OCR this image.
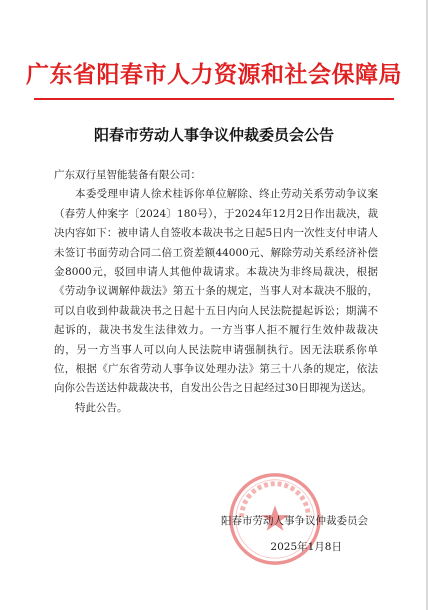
广东省阳春市人力资源和社会保障局
阳春市劳动人事争议仲裁委员会公告

广东双行星智能装备有限公司：

本委受理申请人徐术桂诉你单位解除、终止劳动关系劳动争议案（春劳人仲案字〔2024〕180号），于2024年12月2日作出裁决，裁决内容如下：被申请人自签收本裁决书之日起5日内一次性支付申请人未签订书面劳动合同二倍工资差额44000元、解除劳动关系经济补偿金8000元，驳回申请人其他仲裁请求。本裁决为非终局裁决，根据《劳动争议调解仲裁法》第五十条的规定，当事人对本裁决不服的，可以自收到仲裁裁决书之日起十五日内向人民法院提起诉讼；期满不起诉的，裁决书发生法律效力。一方当事人拒不履行生效仲裁裁决的，另一方当事人可以向人民法院申请强制执行。因无法联系你单位，根据《广东省劳动人事争议处理办法》第三十八条的规定，依法向你公告送达仲裁裁决书，自发出公告之日起经过30日即视为送达。

特此公告。

阳春市劳动人事争议仲裁委员会
2025年1月8日
